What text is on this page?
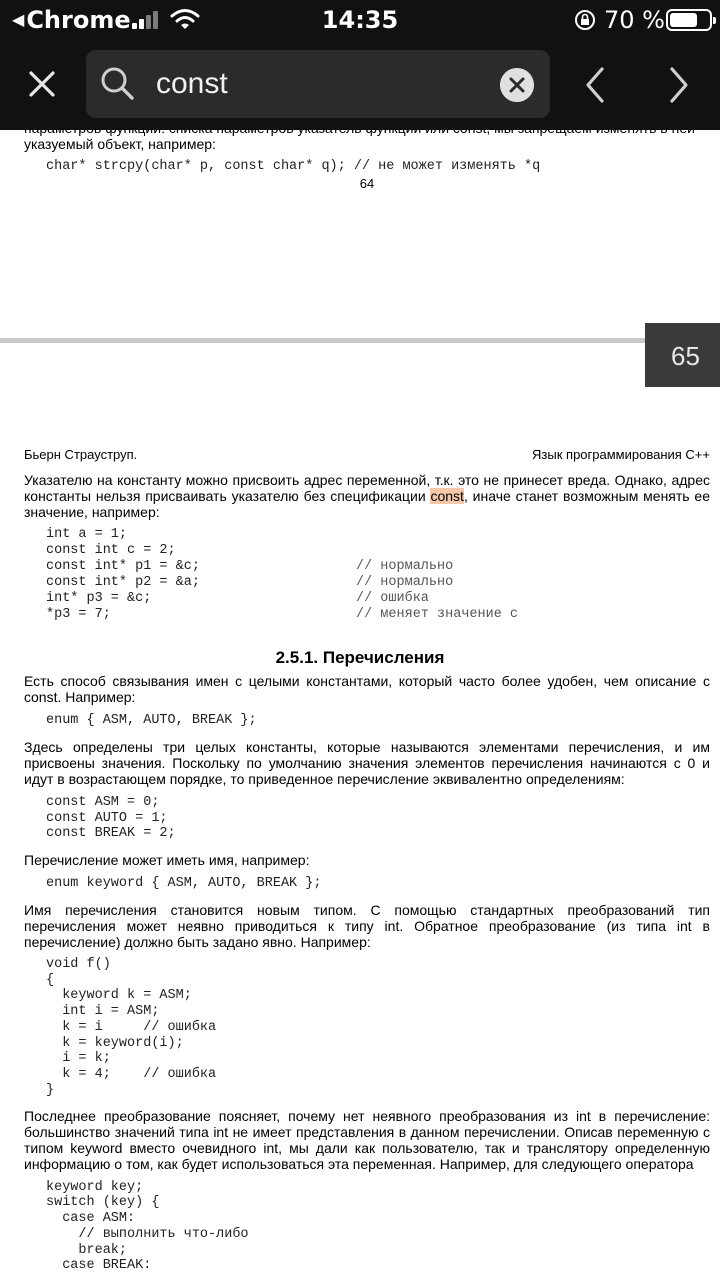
указуемый объект, например:
char* strcpy(char* p, const char* q); // не может изменять *q
64
65
Бьерн Страуструп.	Язык программирования С++
Указателю на константу можно присвоить адрес переменной, т.к. это не принесет вреда. Однако, адрес
константы нельзя присваивать указателю без спецификации const, иначе станет возможным менять ее
значение, например:
int a = 1;
const int c = 2;
const int* p1 = &c;	// нормально
const int* p2 = &a;	// нормально
int* p3 = &c;	// ошибка
*p3 = 7;	// меняет значение c
2.5.1. Перечисления
Есть способ связывания имен с целыми константами, который часто более удобен, чем описание с
const. Например:
enum { ASM, AUTO, BREAK };
Здесь определены три целых константы, которые называются элементами перечисления, и им
присвоены значения. Поскольку по умолчанию значения элементов перечисления начинаются с 0 и
идут в возрастающем порядке, то приведенное перечисление эквивалентно определениям:
const ASM = 0;
const AUTO = 1;
const BREAK = 2;
Перечисление может иметь имя, например:
enum keyword { ASM, AUTO, BREAK };
Имя перечисления становится новым типом. С помощью стандартных преобразований тип
перечисления может неявно приводиться к типу int. Обратное преобразование (из типа int в
перечисление) должно быть задано явно. Например:
void f()
{
keyword k = ASM;
int i = ASM;
k = i     // ошибка
k = keyword(i);
i = k;
k = 4;    // ошибка
}
Последнее преобразование поясняет, почему нет неявного преобразования из int в перечисление:
большинство значений типа int не имеет представления в данном перечислении. Описав переменную с
типом keyword вместо очевидного int, мы дали как пользователю, так и транслятору определенную
информацию о том, как будет использоваться эта переменная. Например, для следующего оператора
keyword key;
switch (key) {
case ASM:
// выполнить что-либо
break;
case BREAK:
◀Chrome	14:35	70 %
const
